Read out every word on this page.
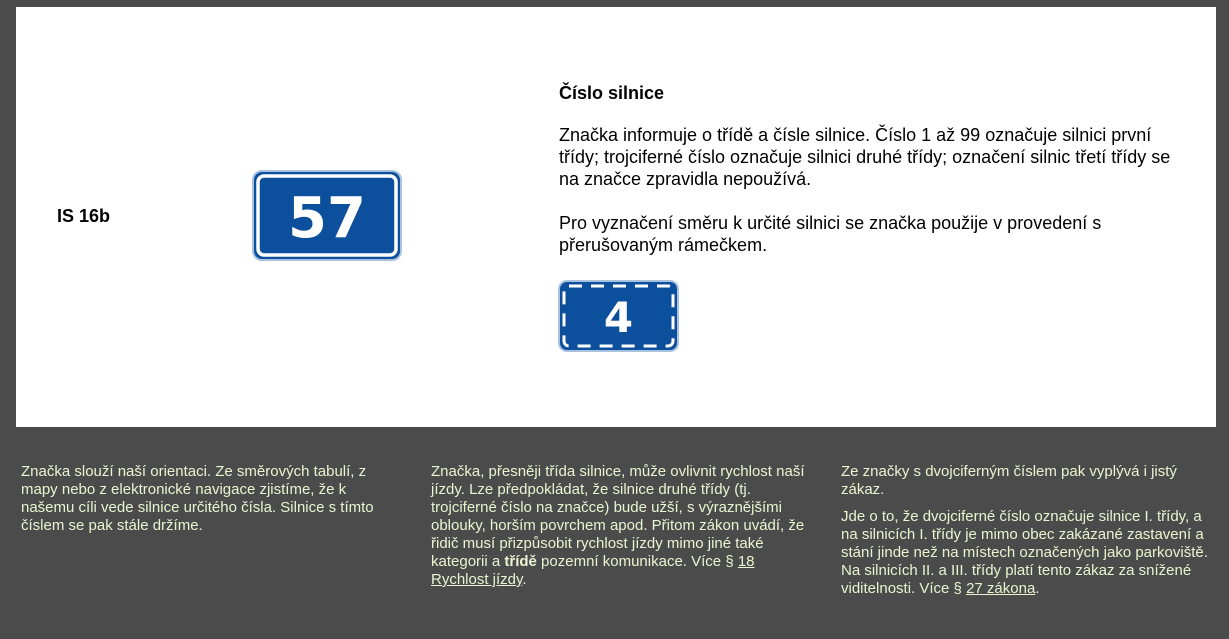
IS 16b	57
Číslo silnice

Značka informuje o třídě a čísle silnice. Číslo 1 až 99 označuje silnici první třídy; trojciferné číslo označuje silnici druhé třídy; označení silnic třetí třídy se na značce zpravidla nepoužívá.

Pro vyznačení směru k určité silnici se značka použije v provedení s přerušovaným rámečkem.

4

Značka slouží naší orientaci. Ze směrových tabulí, z mapy nebo z elektronické navigace zjistíme, že k našemu cíli vede silnice určitého čísla. Silnice s tímto číslem se pak stále držíme.

Značka, přesněji třída silnice, může ovlivnit rychlost naší jízdy. Lze předpokládat, že silnice druhé třídy (tj. trojciferné číslo na značce) bude užší, s výraznějšími oblouky, horším povrchem apod. Přitom zákon uvádí, že řidič musí přizpůsobit rychlost jízdy mimo jiné také kategorii a třídě pozemní komunikace. Více § 18 Rychlost jízdy.

Ze značky s dvojciferným číslem pak vyplývá i jistý zákaz.

Jde o to, že dvojciferné číslo označuje silnice I. třídy, a na silnicích I. třídy je mimo obec zakázané zastavení a stání jinde než na místech označených jako parkoviště. Na silnicích II. a III. třídy platí tento zákaz za snížené viditelnosti. Více § 27 zákona.
